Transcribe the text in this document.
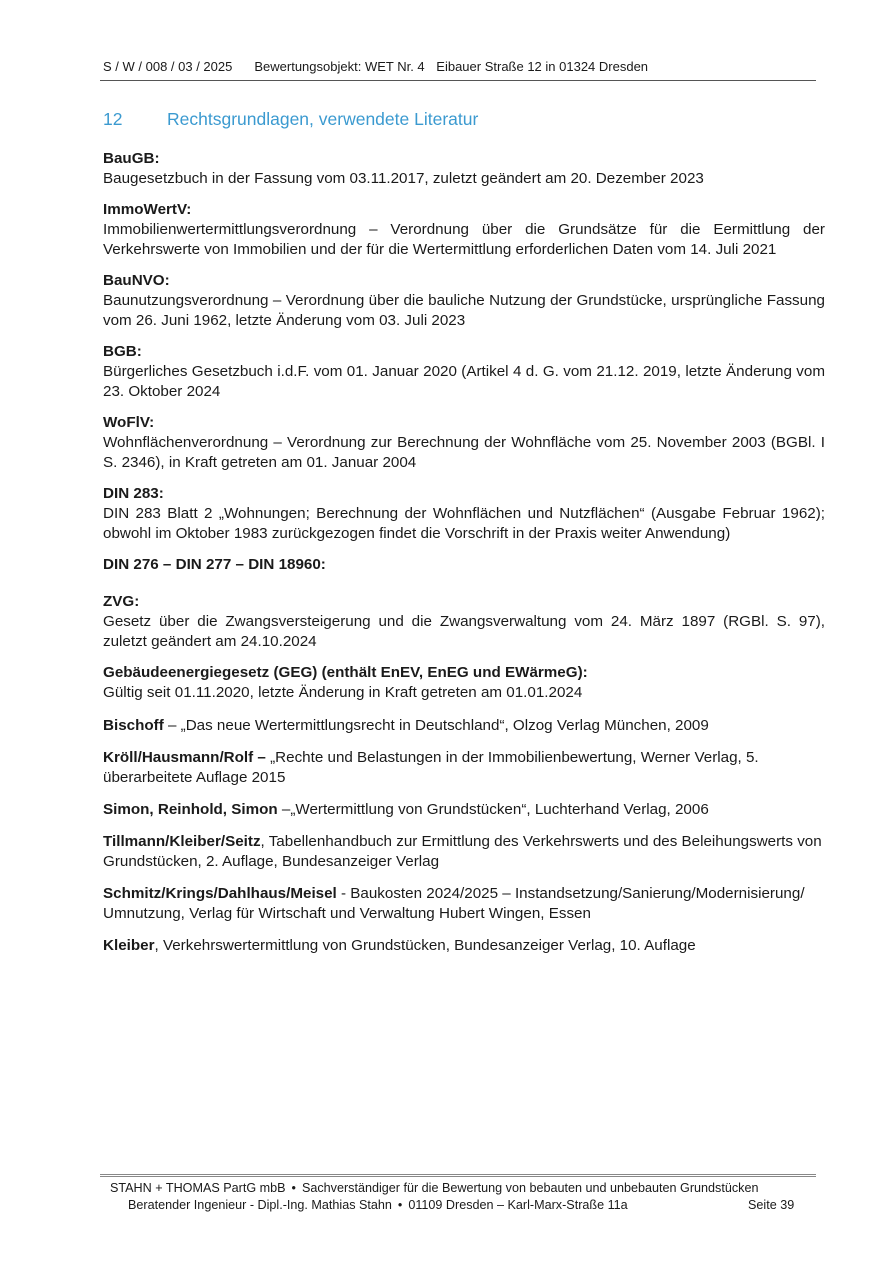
S / W / 008 / 03 / 2025 Bewertungsobjekt: WET Nr. 4 Eibauer Straße 12 in 01324 Dresden
12	Rechtsgrundlagen, verwendete Literatur
BauGB:
Baugesetzbuch in der Fassung vom 03.11.2017, zuletzt geändert am 20. Dezember 2023
ImmoWertV:
Immobilienwertermittlungsverordnung – Verordnung über die Grundsätze für die Eermittlung der Verkehrswerte von Immobilien und der für die Wertermittlung erforderlichen Daten vom 14. Juli 2021
BauNVO:
Baunutzungsverordnung – Verordnung über die bauliche Nutzung der Grundstücke, ursprüngliche Fassung vom 26. Juni 1962, letzte Änderung vom 03. Juli 2023
BGB:
Bürgerliches Gesetzbuch i.d.F. vom 01. Januar 2020 (Artikel 4 d. G. vom 21.12. 2019, letzte Änderung vom 23. Oktober 2024
WoFlV:
Wohnflächenverordnung – Verordnung zur Berechnung der Wohnfläche vom 25. November 2003 (BGBl. I S. 2346), in Kraft getreten am 01. Januar 2004
DIN 283:
DIN 283 Blatt 2 „Wohnungen; Berechnung der Wohnflächen und Nutzflächen“ (Ausgabe Februar 1962); obwohl im Oktober 1983 zurückgezogen findet die Vorschrift in der Praxis weiter Anwendung)
DIN 276 – DIN 277 – DIN 18960:
ZVG:
Gesetz über die Zwangsversteigerung und die Zwangsverwaltung vom 24. März 1897 (RGBl. S. 97), zuletzt geändert am 24.10.2024
Gebäudeenergiegesetz (GEG) (enthält EnEV, EnEG und EWärmeG):
Gültig seit 01.11.2020, letzte Änderung in Kraft getreten am 01.01.2024
Bischoff – „Das neue Wertermittlungsrecht in Deutschland“, Olzog Verlag München, 2009
Kröll/Hausmann/Rolf – „Rechte und Belastungen in der Immobilienbewertung, Werner Verlag, 5. überarbeitete Auflage 2015
Simon, Reinhold, Simon –„Wertermittlung von Grundstücken“, Luchterhand Verlag, 2006
Tillmann/Kleiber/Seitz, Tabellenhandbuch zur Ermittlung des Verkehrswerts und des Beleihungswerts von Grundstücken, 2. Auflage, Bundesanzeiger Verlag
Schmitz/Krings/Dahlhaus/Meisel - Baukosten 2024/2025 – Instandsetzung/Sanierung/Modernisierung/ Umnutzung, Verlag für Wirtschaft und Verwaltung Hubert Wingen, Essen
Kleiber, Verkehrswertermittlung von Grundstücken, Bundesanzeiger Verlag, 10. Auflage
STAHN + THOMAS PartG mbB • Sachverständiger für die Bewertung von bebauten und unbebauten Grundstücken
Beratender Ingenieur - Dipl.-Ing. Mathias Stahn • 01109 Dresden – Karl-Marx-Straße 11a	Seite 39
